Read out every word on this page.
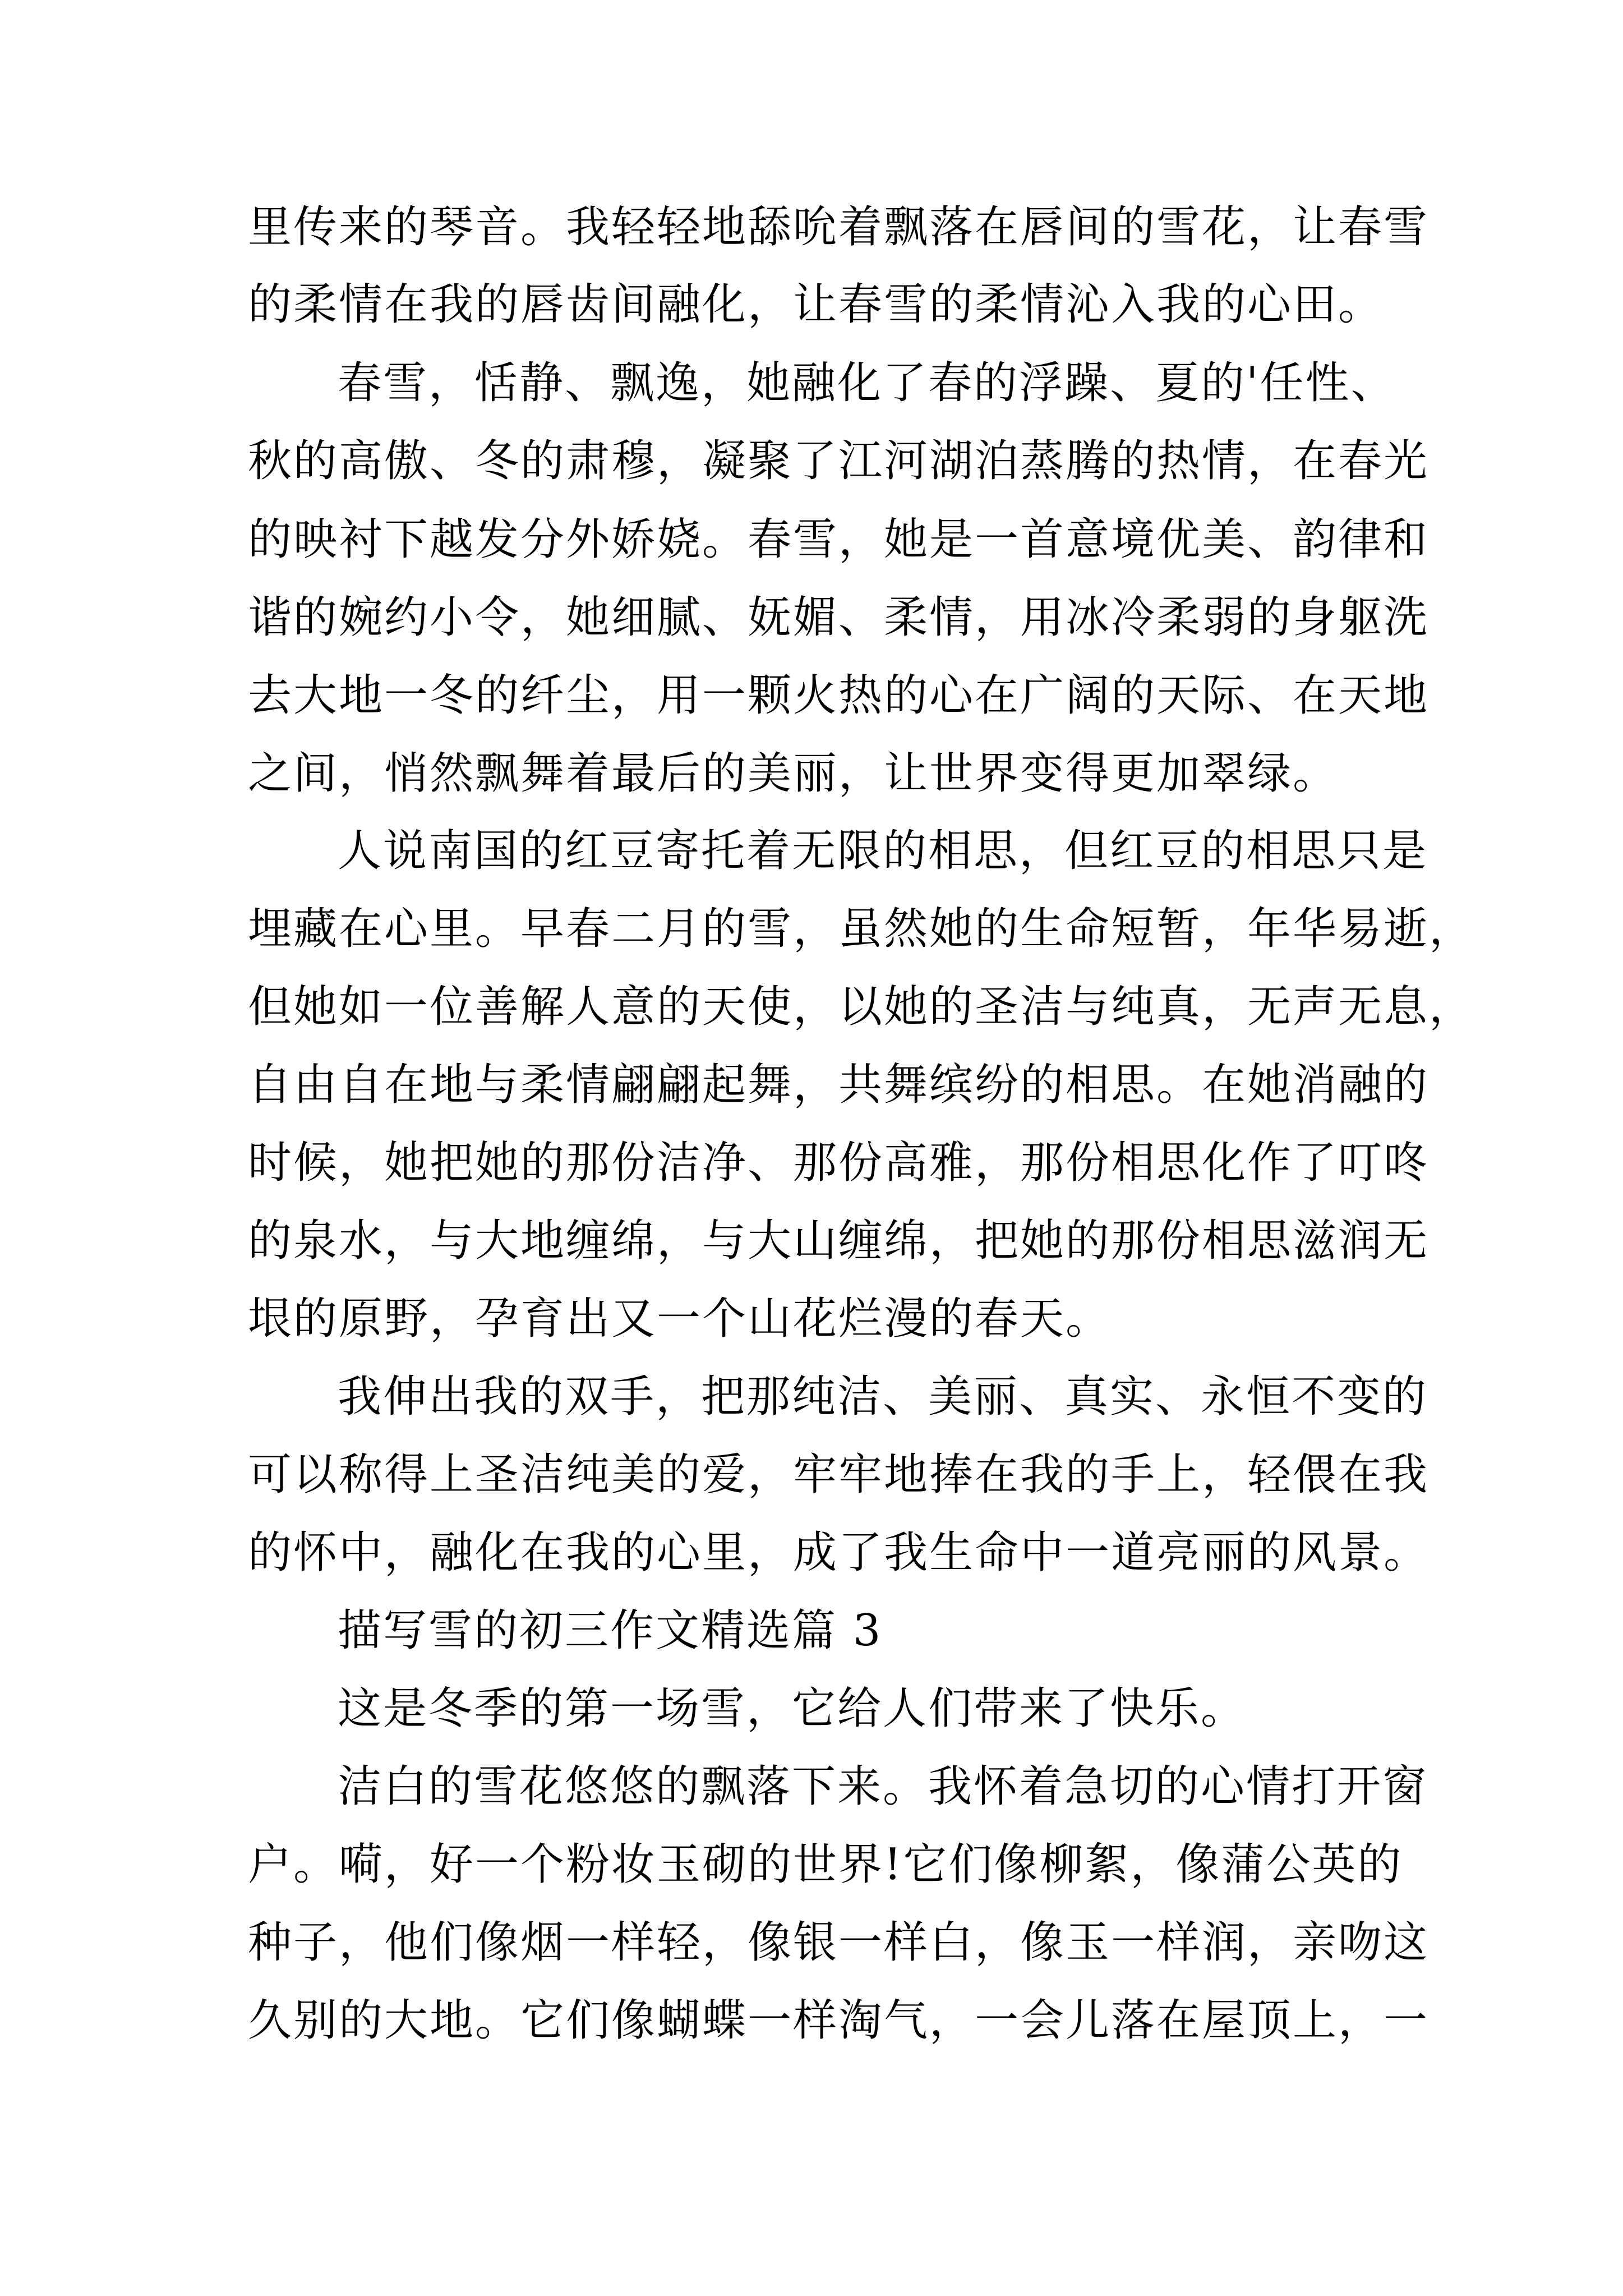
里传来的琴音。我轻轻地舔吮着飘落在唇间的雪花，让春雪
的柔情在我的唇齿间融化，让春雪的柔情沁入我的心田。
春雪，恬静、飘逸，她融化了春的浮躁、夏的'任性、
秋的高傲、冬的肃穆，凝聚了江河湖泊蒸腾的热情，在春光
的映衬下越发分外娇娆。春雪，她是一首意境优美、韵律和
谐的婉约小令，她细腻、妩媚、柔情，用冰冷柔弱的身躯洗
去大地一冬的纤尘，用一颗火热的心在广阔的天际、在天地
之间，悄然飘舞着最后的美丽，让世界变得更加翠绿。
人说南国的红豆寄托着无限的相思，但红豆的相思只是
埋藏在心里。早春二月的雪，虽然她的生命短暂，年华易逝，
但她如一位善解人意的天使，以她的圣洁与纯真，无声无息，
自由自在地与柔情翩翩起舞，共舞缤纷的相思。在她消融的
时候，她把她的那份洁净、那份高雅，那份相思化作了叮咚
的泉水，与大地缠绵，与大山缠绵，把她的那份相思滋润无
垠的原野，孕育出又一个山花烂漫的春天。
我伸出我的双手，把那纯洁、美丽、真实、永恒不变的
可以称得上圣洁纯美的爱，牢牢地捧在我的手上，轻偎在我
的怀中，融化在我的心里，成了我生命中一道亮丽的风景。
描写雪的初三作文精选篇 3
这是冬季的第一场雪，它给人们带来了快乐。
洁白的雪花悠悠的飘落下来。我怀着急切的心情打开窗
户。嗬，好一个粉妆玉砌的世界!它们像柳絮，像蒲公英的
种子，他们像烟一样轻，像银一样白，像玉一样润，亲吻这
久别的大地。它们像蝴蝶一样淘气，一会儿落在屋顶上，一
